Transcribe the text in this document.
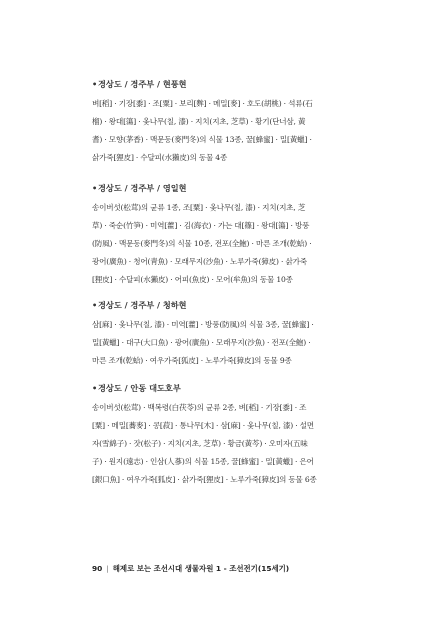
•경상도 / 경주부 / 현풍현
벼[稻] · 기장[黍] · 조[粟] · 보리[麰] · 메밀[麥] · 호도(胡桃) · 석류(石
榴) · 왕대[簜] · 옻나무(칠, 漆) · 지치(지초, 芝草) · 황기(단너삼, 黃
耆) · 모향(茅香) · 맥문동(麥門冬)의 식물 13종, 꿀[蜂蜜] · 밀[黃蠟] ·
삵가죽[狸皮] · 수달피(水獺皮)의 동물 4종
•경상도 / 경주부 / 영일현
송이버섯(松茸)의 균류 1종, 조[粟] · 옻나무(칠, 漆) · 지치(지초, 芝
草) · 죽순(竹笋) · 미역[藿] · 김(海衣) · 가는 대[篠] · 왕대[簜] · 방풍
(防風) · 맥문동(麥門冬)의 식물 10종, 전포(全鮑) · 마른 조개(乾蛤) ·
광어(廣魚) · 청어(靑魚) · 모래무지(沙魚) · 노루가죽(獐皮) · 삵가죽
[狸皮] · 수달피(水獺皮) · 어피(魚皮) · 모어(牟魚)의 동물 10종
•경상도 / 경주부 / 청하현
삼[麻] · 옻나무(칠, 漆) · 미역[藿] · 방풍(防風)의 식물 3종, 꿀[蜂蜜] ·
밀[黃蠟] · 대구(大口魚) · 광어(廣魚) · 모래무지(沙魚) · 전포(全鮑) ·
마른 조개(乾蛤) · 여우가죽[狐皮] · 노루가죽[獐皮]의 동물 9종
•경상도 / 안동 대도호부
송이버섯(松茸) · 백복령(白茯苓)의 균류 2종, 벼[稻] · 기장[黍] · 조
[粟] · 메밀[蕎麥] · 콩[菽] · 통나무[木] · 삼[麻] · 옻나무(칠, 漆) · 설면
자(雪綿子) · 잣(松子) · 지치(지초, 芝草) · 황금(黃芩) · 오미자(五味
子) · 원지(遠志) · 인삼(人蔘)의 식물 15종, 꿀[蜂蜜] · 밀[黃蠟] · 은어
[銀口魚] · 여우가죽[狐皮] · 삵가죽[狸皮] · 노루가죽[獐皮]의 동물 6종
90 | 해제로 보는 조선시대 생물자원 1 - 조선전기(15세기)
